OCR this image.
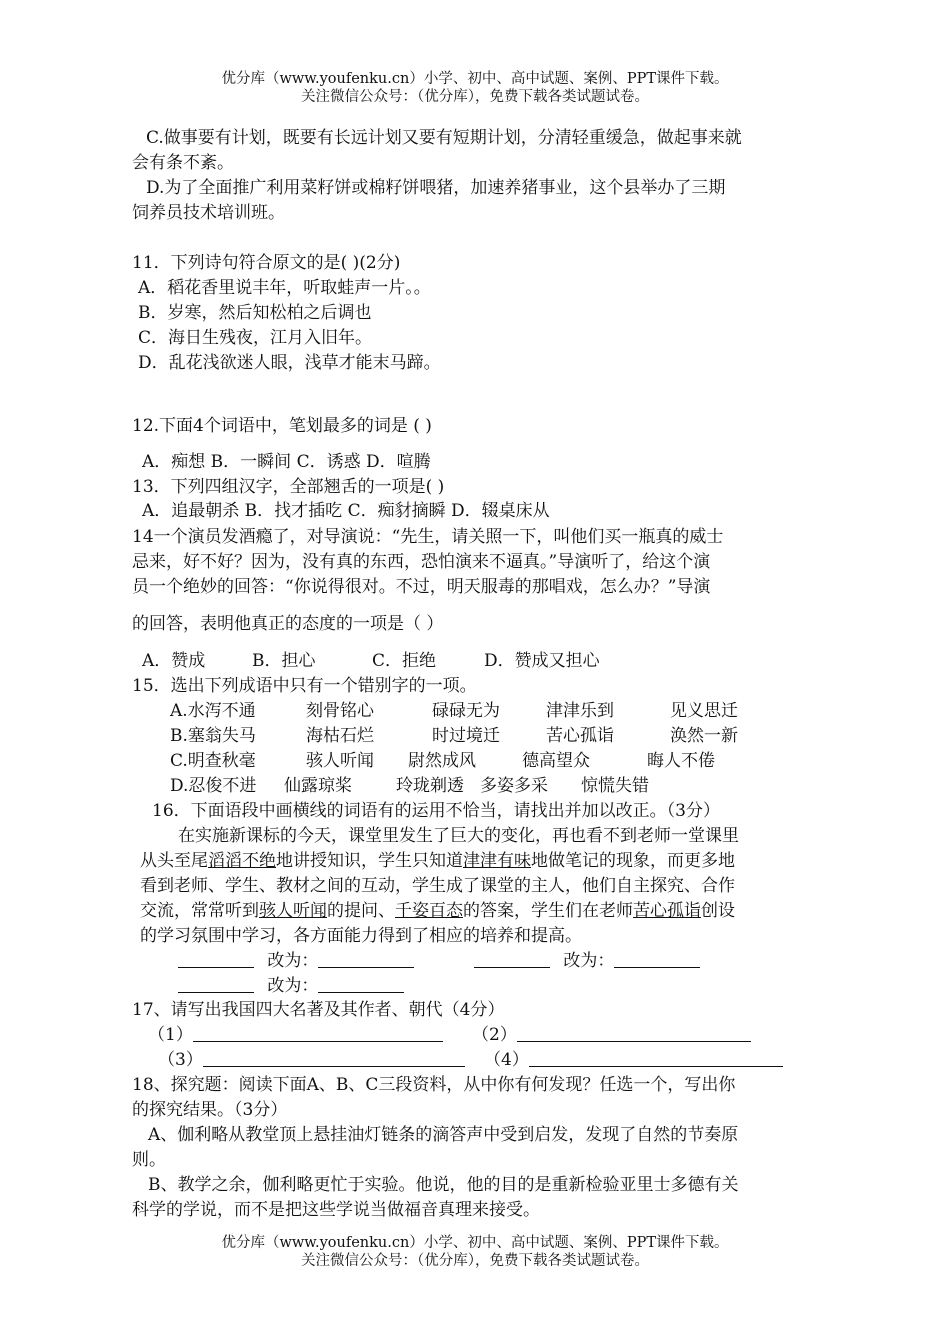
优分库（www.youfenku.cn）小学、初中、高中试题、案例、PPT课件下载。
关注微信公众号：（优分库），免费下载各类试题试卷。
C.做事要有计划，既要有长远计划又要有短期计划，分清轻重缓急，做起事来就
会有条不紊。
D.为了全面推广利用菜籽饼或棉籽饼喂猪，加速养猪事业，这个县举办了三期
饲养员技术培训班。
11．下列诗句符合原文的是( )(2分)
A．稻花香里说丰年，听取蛙声一片。。
B．岁寒，然后知松柏之后调也
C．海日生残夜，江月入旧年。
D．乱花浅欲迷人眼，浅草才能末马蹄。
12.下面4个词语中，笔划最多的词是 ( )
A．痴想 B．一瞬间 C．诱惑 D．喧腾
13．下列四组汉字，全部翘舌的一项是( )
A．追最朝杀 B．找才插吃 C．痴豺摘瞬 D．辍桌床从
14一个演员发酒瘾了，对导演说：“先生，请关照一下，叫他们买一瓶真的威士
忌来，好不好？因为，没有真的东西，恐怕演来不逼真。”导演听了，给这个演
员一个绝妙的回答：“你说得很对。不过，明天服毒的那唱戏，怎么办？”导演
的回答，表明他真正的态度的一项是（ ）
A．赞成	B．担心	C．拒绝	D．赞成又担心
15．选出下列成语中只有一个错别字的一项。
A.水泻不通	刻骨铭心	碌碌无为	津津乐到	见义思迁
B.塞翁失马	海枯石烂	时过境迁	苦心孤诣	涣然一新
C.明查秋毫	骇人听闻 尉然成风	德高望众	晦人不倦
D.忍俊不进 仙露琼桨	玲珑剃透 多姿多采 惊慌失错
16．下面语段中画横线的词语有的运用不恰当，请找出并加以改正。（3分）
在实施新课标的今天，课堂里发生了巨大的变化，再也看不到老师一堂课里
从头至尾滔滔不绝地讲授知识，学生只知道津津有味地做笔记的现象，而更多地
看到老师、学生、教材之间的互动，学生成了课堂的主人，他们自主探究、合作
交流，常常听到骇人听闻的提问、千姿百态的答案，学生们在老师苦心孤诣创设
的学习氛围中学习，各方面能力得到了相应的培养和提高。
改为：	改为：
改为：
17、请写出我国四大名著及其作者、朝代（4分）
（1）	（2）
（3）	（4）
18、探究题：阅读下面A、B、C三段资料，从中你有何发现？任选一个，写出你
的探究结果。（3分）
A、伽利略从教堂顶上悬挂油灯链条的滴答声中受到启发，发现了自然的节奏原
则。
B、教学之余，伽利略更忙于实验。他说，他的目的是重新检验亚里士多德有关
科学的学说，而不是把这些学说当做福音真理来接受。
优分库（www.youfenku.cn）小学、初中、高中试题、案例、PPT课件下载。
关注微信公众号：（优分库），免费下载各类试题试卷。
